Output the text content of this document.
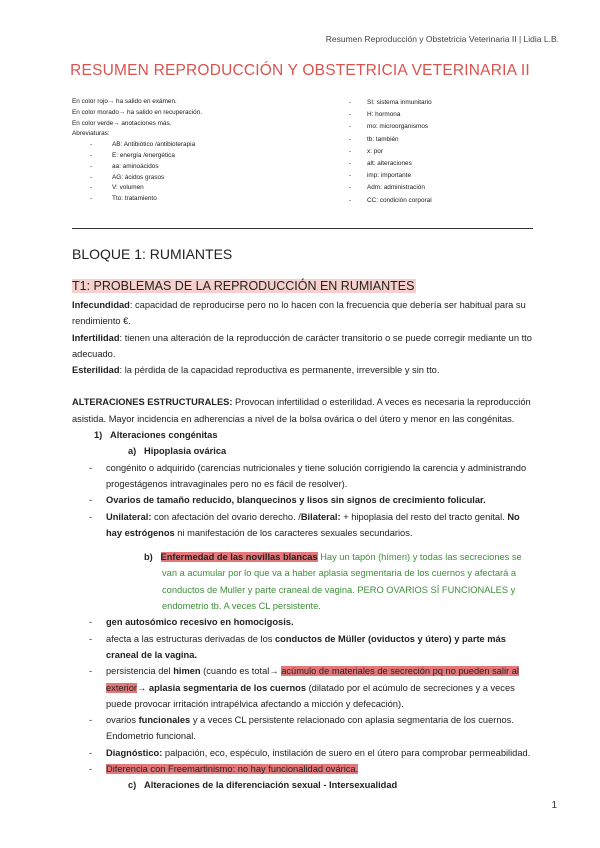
Resumen Reproducción y Obstetricia Veterinaria II | Lidia L.B.
RESUMEN REPRODUCCIÓN Y OBSTETRICIA VETERINARIA II
En color rojo→ ha salido en exámen.
En color morado→ ha salido en recuperación.
En color verde→ anotaciones más.
Abreviaturas:
-	AB: Antibiótico /antibioterapia
-	E: energía /energética
-	aa: aminoácidos
-	AG: ácidos grasos
-	V: volumen
-	Tto: tratamiento
- SI: sistema inmunitario
- H: hormona
- mo: microorganismos
- tb: también
- x: por
- alt: alteraciones
- imp: importante
- Adm: administración
- CC: condición corporal
BLOQUE 1: RUMIANTES
T1: PROBLEMAS DE LA REPRODUCCIÓN EN RUMIANTES

Infecundidad: capacidad de reproducirse pero no lo hacen con la frecuencia que debería ser habitual para su rendimiento €.

Infertilidad: tienen una alteración de la reproducción de carácter transitorio o se puede corregir mediante un tto adecuado.

Esterilidad: la pérdida de la capacidad reproductiva es permanente, irreversible y sin tto.

ALTERACIONES ESTRUCTURALES: Provocan infertilidad o esterilidad. A veces es necesaria la reproducción asistida. Mayor incidencia en adherencias a nivel de la bolsa ovárica o del útero y menor en las congénitas.

1) Alteraciones congénitas

a) Hipoplasia ovárica

- congénito o adquirido (carencias nutricionales y tiene solución corrigiendo la carencia y administrando progestágenos intravaginales pero no es fácil de resolver).
- Ovarios de tamaño reducido, blanquecinos y lisos sin signos de crecimiento folicular.
- Unilateral: con afectación del ovario derecho. /Bilateral: + hipoplasia del resto del tracto genital. No hay estrógenos ni manifestación de los caracteres sexuales secundarios.

b) Enfermedad de las novillas blancas Hay un tapón (hímen) y todas las secreciones se van a acumular por lo que va a haber aplasia segmentaria de los cuernos y afectará a conductos de Muller y parte craneal de vagina. PERO OVARIOS SÍ FUNCIONALES y endometrio tb. A veces CL persistente.

- gen autosómico recesivo en homocigosis.
- afecta a las estructuras derivadas de los conductos de Müller (oviductos y útero) y parte más craneal de la vagina.
- persistencia del himen (cuando es total→ acúmulo de materiales de secreción pq no pueden salir al exterior→ aplasia segmentaria de los cuernos (dilatado por el acúmulo de secreciones y a veces puede provocar irritación intrapélvica afectando a micción y defecación).
- ovarios funcionales y a veces CL persistente relacionado con aplasia segmentaria de los cuernos. Endometrio funcional.
- Diagnóstico: palpación, eco, espéculo, instilación de suero en el útero para comprobar permeabilidad.
- Diferencia con Freemartinismo: no hay funcionalidad ovárica.

c) Alteraciones de la diferenciación sexual - Intersexualidad

1
